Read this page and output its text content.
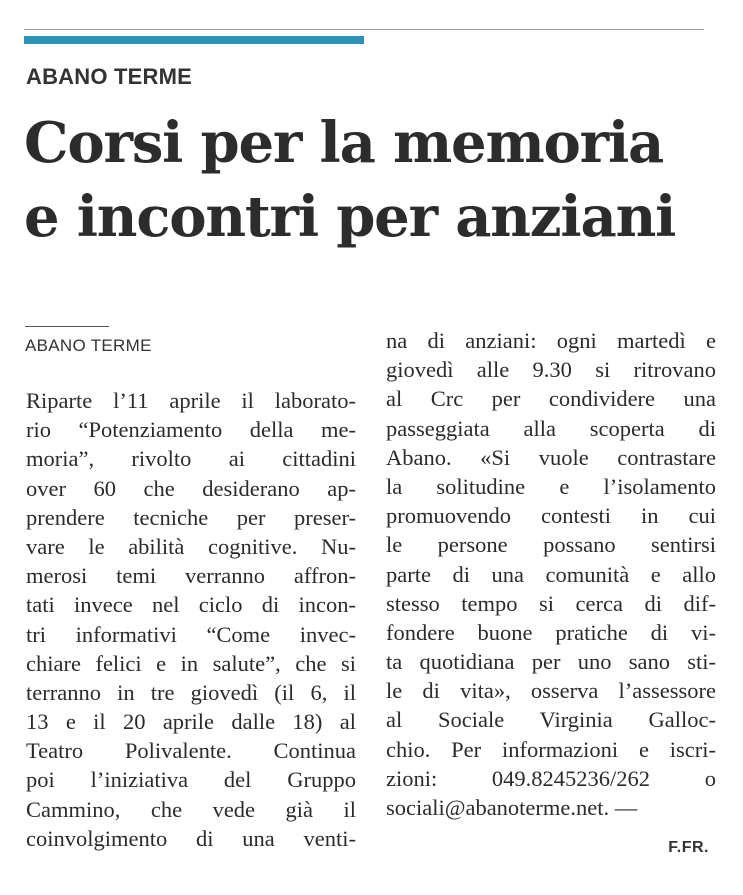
ABANO TERME
Corsi per la memoria
e incontri per anziani
ABANO TERME
Riparte l’11 aprile il laborato-
rio “Potenziamento della me-
moria”, rivolto ai cittadini
over 60 che desiderano ap-
prendere tecniche per preser-
vare le abilità cognitive. Nu-
merosi temi verranno affron-
tati invece nel ciclo di incon-
tri informativi “Come invec-
chiare felici e in salute”, che si
terranno in tre giovedì (il 6, il
13 e il 20 aprile dalle 18) al
Teatro Polivalente. Continua
poi l’iniziativa del Gruppo
Cammino, che vede già il
coinvolgimento di una venti-
na di anziani: ogni martedì e
giovedì alle 9.30 si ritrovano
al Crc per condividere una
passeggiata alla scoperta di
Abano. «Si vuole contrastare
la solitudine e l’isolamento
promuovendo contesti in cui
le persone possano sentirsi
parte di una comunità e allo
stesso tempo si cerca di dif-
fondere buone pratiche di vi-
ta quotidiana per uno sano sti-
le di vita», osserva l’assessore
al Sociale Virginia Galloc-
chio. Per informazioni e iscri-
zioni: 049.8245236/262 o
sociali@abanoterme.net. —
F.FR.
